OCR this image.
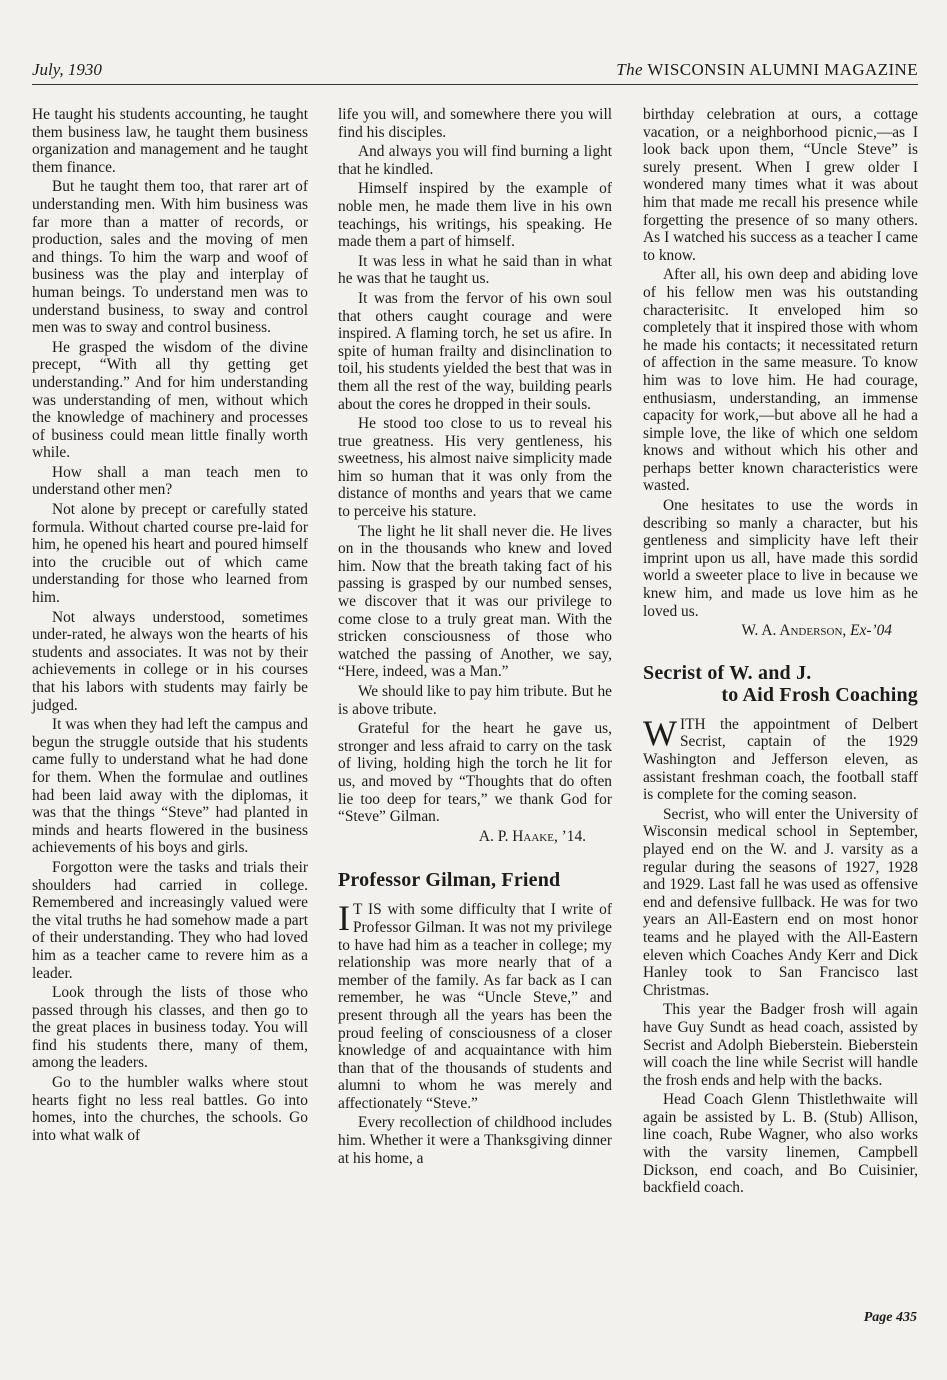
July, 1930	The WISCONSIN ALUMNI MAGAZINE

He taught his students accounting, he taught them business law, he taught them business organization and management and he taught them finance.

But he taught them too, that rarer art of understanding men. With him business was far more than a matter of records, or production, sales and the moving of men and things. To him the warp and woof of business was the play and interplay of human beings. To understand men was to understand business, to sway and control men was to sway and control business.

He grasped the wisdom of the divine precept, “With all thy getting get understanding.” And for him understanding was understanding of men, without which the knowledge of machinery and processes of business could mean little finally worth while.

How shall a man teach men to understand other men?

Not alone by precept or carefully stated formula. Without charted course pre-laid for him, he opened his heart and poured himself into the crucible out of which came understanding for those who learned from him.

Not always understood, sometimes under-rated, he always won the hearts of his students and associates. It was not by their achievements in college or in his courses that his labors with students may fairly be judged.

It was when they had left the campus and begun the struggle outside that his students came fully to understand what he had done for them. When the formulae and outlines had been laid away with the diplomas, it was that the things “Steve” had planted in minds and hearts flowered in the business achievements of his boys and girls.

Forgotton were the tasks and trials their shoulders had carried in college. Remembered and increasingly valued were the vital truths he had somehow made a part of their understanding. They who had loved him as a teacher came to revere him as a leader.

Look through the lists of those who passed through his classes, and then go to the great places in business today. You will find his students there, many of them, among the leaders.

Go to the humbler walks where stout hearts fight no less real battles. Go into homes, into the churches, the schools. Go into what walk of

life you will, and somewhere there you will find his disciples.

And always you will find burning a light that he kindled.

Himself inspired by the example of noble men, he made them live in his own teachings, his writings, his speaking. He made them a part of himself.

It was less in what he said than in what he was that he taught us.

It was from the fervor of his own soul that others caught courage and were inspired. A flaming torch, he set us afire. In spite of human frailty and disinclination to toil, his students yielded the best that was in them all the rest of the way, building pearls about the cores he dropped in their souls.

He stood too close to us to reveal his true greatness. His very gentleness, his sweetness, his almost naive simplicity made him so human that it was only from the distance of months and years that we came to perceive his stature.

The light he lit shall never die. He lives on in the thousands who knew and loved him. Now that the breath taking fact of his passing is grasped by our numbed senses, we discover that it was our privilege to come close to a truly great man. With the stricken consciousness of those who watched the passing of Another, we say, “Here, indeed, was a Man.”

We should like to pay him tribute. But he is above tribute.

Grateful for the heart he gave us, stronger and less afraid to carry on the task of living, holding high the torch he lit for us, and moved by “Thoughts that do often lie too deep for tears,” we thank God for “Steve” Gilman.

A. P. Haake, ’14.
Professor Gilman, Friend

I T IS with some difficulty that I write of Professor Gilman. It was not my privilege to have had him as a teacher in college; my relationship was more nearly that of a member of the family. As far back as I can remember, he was “Uncle Steve,” and present through all the years has been the proud feeling of consciousness of a closer knowledge of and acquaintance with him than that of the thousands of students and alumni to whom he was merely and affectionately “Steve.”

Every recollection of childhood includes him. Whether it were a Thanksgiving dinner at his home, a

birthday celebration at ours, a cottage vacation, or a neighborhood picnic,—as I look back upon them, “Uncle Steve” is surely present. When I grew older I wondered many times what it was about him that made me recall his presence while forgetting the presence of so many others. As I watched his success as a teacher I came to know.

After all, his own deep and abiding love of his fellow men was his outstanding characterisitc. It enveloped him so completely that it inspired those with whom he made his contacts; it necessitated return of affection in the same measure. To know him was to love him. He had courage, enthusiasm, understanding, an immense capacity for work,—but above all he had a simple love, the like of which one seldom knows and without which his other and perhaps better known characteristics were wasted.

One hesitates to use the words in describing so manly a character, but his gentleness and simplicity have left their imprint upon us all, have made this sordid world a sweeter place to live in because we knew him, and made us love him as he loved us.

W. A. Anderson, Ex-’04
Secrist of W. and J.
to Aid Frosh Coaching

WITH the appointment of Delbert Secrist, captain of the 1929 Washington and Jefferson eleven, as assistant freshman coach, the football staff is complete for the coming season.

Secrist, who will enter the University of Wisconsin medical school in September, played end on the W. and J. varsity as a regular during the seasons of 1927, 1928 and 1929. Last fall he was used as offensive end and defensive fullback. He was for two years an All-Eastern end on most honor teams and he played with the All-Eastern eleven which Coaches Andy Kerr and Dick Hanley took to San Francisco last Christmas.

This year the Badger frosh will again have Guy Sundt as head coach, assisted by Secrist and Adolph Bieberstein. Bieberstein will coach the line while Secrist will handle the frosh ends and help with the backs.

Head Coach Glenn Thistlethwaite will again be assisted by L. B. (Stub) Allison, line coach, Rube Wagner, who also works with the varsity linemen, Campbell Dickson, end coach, and Bo Cuisinier, backfield coach.

Page 435
